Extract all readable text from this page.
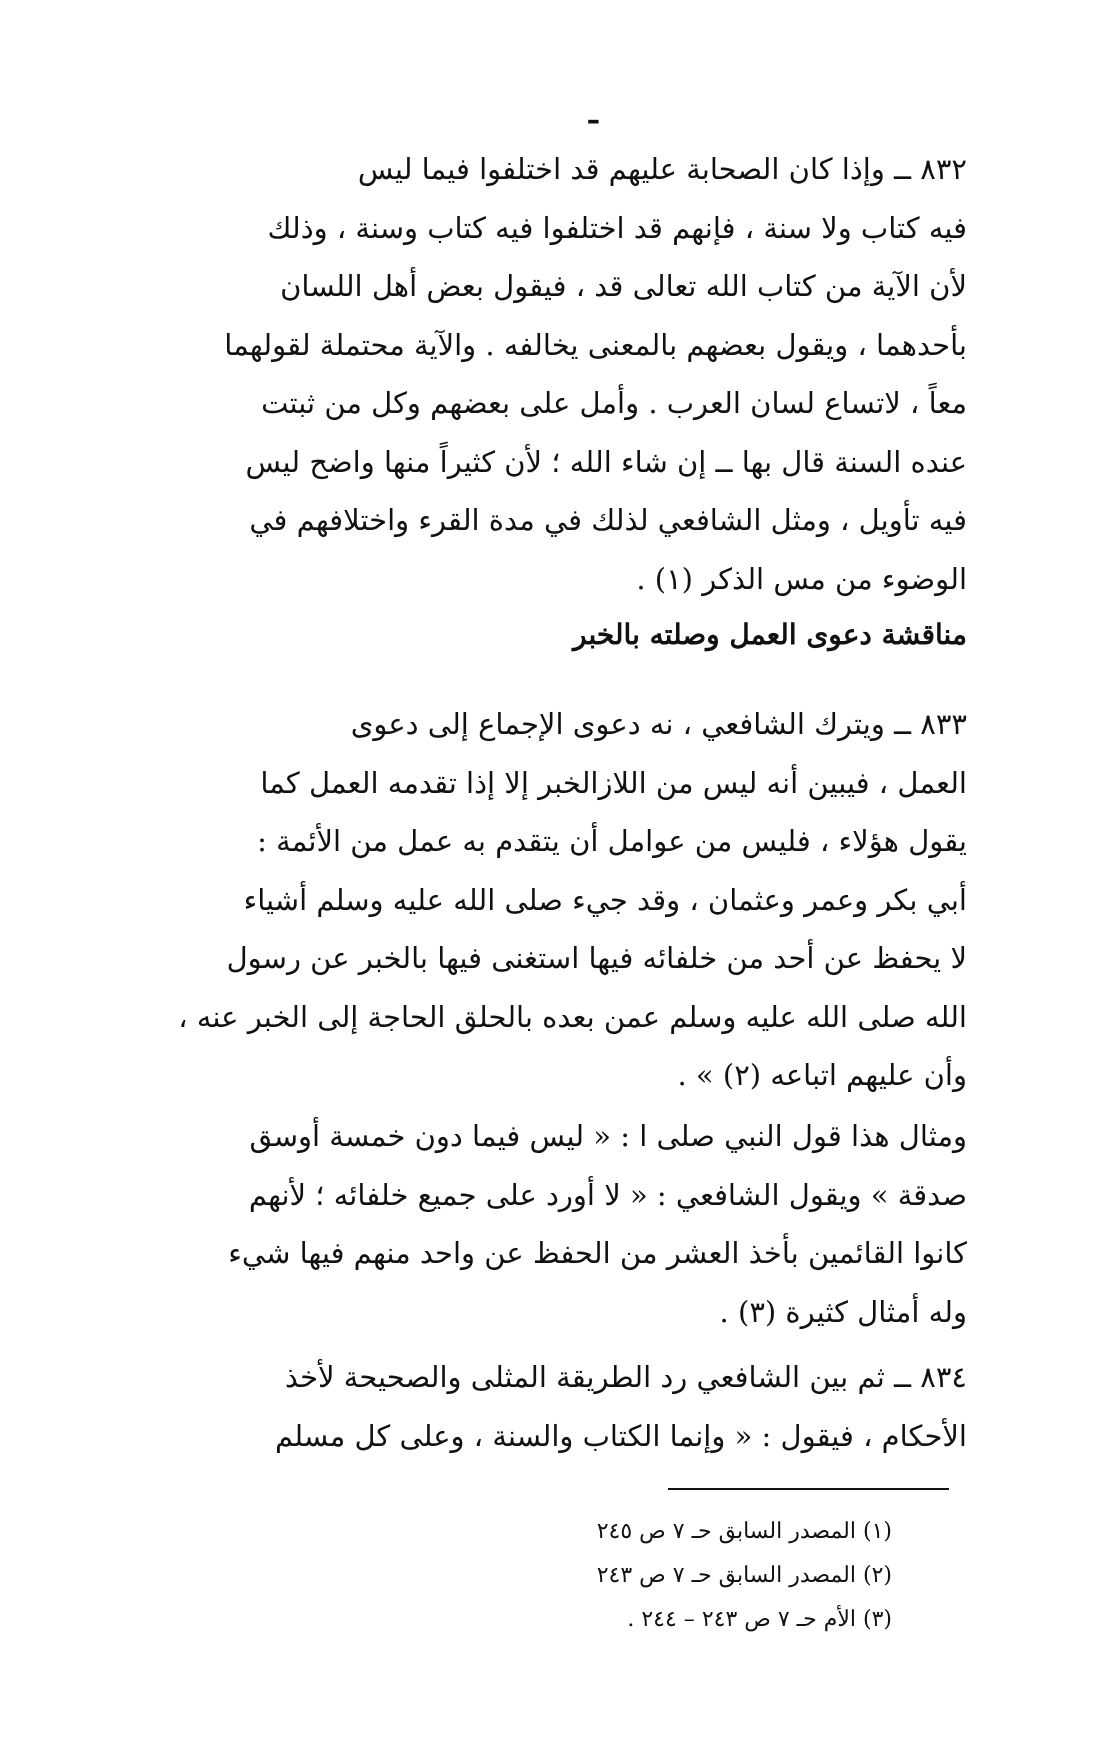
ـ
٨٣٢ ــ وإذا كان الصحابة عليهم قد اختلفوا فيما ليس
فيه كتاب ولا سنة ، فإنهم قد اختلفوا فيه كتاب وسنة ، وذلك
لأن الآية من كتاب الله تعالى قد ، فيقول بعض أهل اللسان
بأحدهما ، ويقول بعضهم بالمعنى يخالفه . والآية محتملة لقولهما
معاً ، لاتساع لسان العرب . وأمل على بعضهم وكل من ثبتت
عنده السنة قال بها ــ إن شاء الله ؛ لأن كثيراً منها واضح ليس
فيه تأويل ، ومثل الشافعي لذلك في مدة القرء واختلافهم في
الوضوء من مس الذكر (١) .
مناقشة دعوى العمل وصلته بالخبر
٨٣٣ ــ ويترك الشافعي ، نه دعوى الإجماع إلى دعوى
العمل ، فيبين أنه ليس من اللازالخبر إلا إذا تقدمه العمل كما
يقول هؤلاء ، فليس من عوامل أن يتقدم به عمل من الأئمة :
أبي بكر وعمر وعثمان ، وقد جيء صلى الله عليه وسلم أشياء
لا يحفظ عن أحد من خلفائه فيها استغنى فيها بالخبر عن رسول
الله صلى الله عليه وسلم عمن بعده بالحلق الحاجة إلى الخبر عنه ،
وأن عليهم اتباعه (٢) » .
ومثال هذا قول النبي صلى ا : « ليس فيما دون خمسة أوسق
صدقة » ويقول الشافعي : « لا أورد على جميع خلفائه ؛ لأنهم
كانوا القائمين بأخذ العشر من الحفظ عن واحد منهم فيها شيء
وله أمثال كثيرة (٣) .
٨٣٤ ــ ثم بين الشافعي رد الطريقة المثلى والصحيحة لأخذ
الأحكام ، فيقول : « وإنما الكتاب والسنة ، وعلى كل مسلم
(١) المصدر السابق حـ ٧ ص ٢٤٥
(٢) المصدر السابق حـ ٧ ص ٢٤٣
(٣) الأم حـ ٧ ص ٢٤٣ – ٢٤٤ .
